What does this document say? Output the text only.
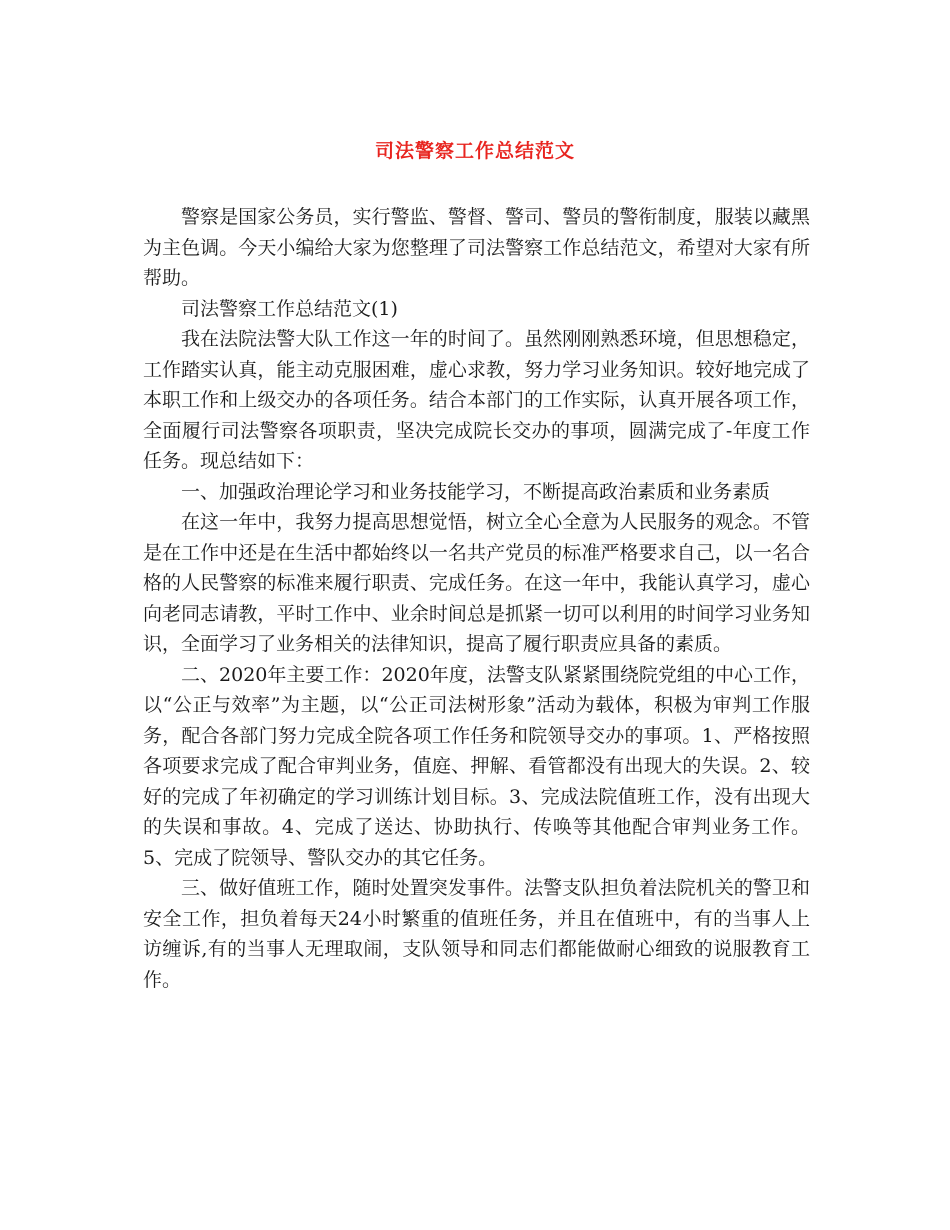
司法警察工作总结范文

警察是国家公务员，实行警监、警督、警司、警员的警衔制度，服装以藏黑为主色调。今天小编给大家为您整理了司法警察工作总结范文，希望对大家有所帮助。

司法警察工作总结范文(1)

我在法院法警大队工作这一年的时间了。虽然刚刚熟悉环境，但思想稳定，工作踏实认真，能主动克服困难，虚心求教，努力学习业务知识。较好地完成了本职工作和上级交办的各项任务。结合本部门的工作实际，认真开展各项工作，全面履行司法警察各项职责，坚决完成院长交办的事项，圆满完成了-年度工作任务。现总结如下：

一、加强政治理论学习和业务技能学习，不断提高政治素质和业务素质

在这一年中，我努力提高思想觉悟，树立全心全意为人民服务的观念。不管是在工作中还是在生活中都始终以一名共产党员的标准严格要求自己，以一名合格的人民警察的标准来履行职责、完成任务。在这一年中，我能认真学习，虚心向老同志请教，平时工作中、业余时间总是抓紧一切可以利用的时间学习业务知识，全面学习了业务相关的法律知识，提高了履行职责应具备的素质。

二、2020年主要工作：2020年度，法警支队紧紧围绕院党组的中心工作，以“公正与效率”为主题，以“公正司法树形象”活动为载体，积极为审判工作服务，配合各部门努力完成全院各项工作任务和院领导交办的事项。1、严格按照各项要求完成了配合审判业务，值庭、押解、看管都没有出现大的失误。2、较好的完成了年初确定的学习训练计划目标。3、完成法院值班工作，没有出现大的失误和事故。4、完成了送达、协助执行、传唤等其他配合审判业务工作。5、完成了院领导、警队交办的其它任务。

三、做好值班工作，随时处置突发事件。法警支队担负着法院机关的警卫和安全工作，担负着每天24小时繁重的值班任务，并且在值班中，有的当事人上访缠诉,有的当事人无理取闹，支队领导和同志们都能做耐心细致的说服教育工作。
